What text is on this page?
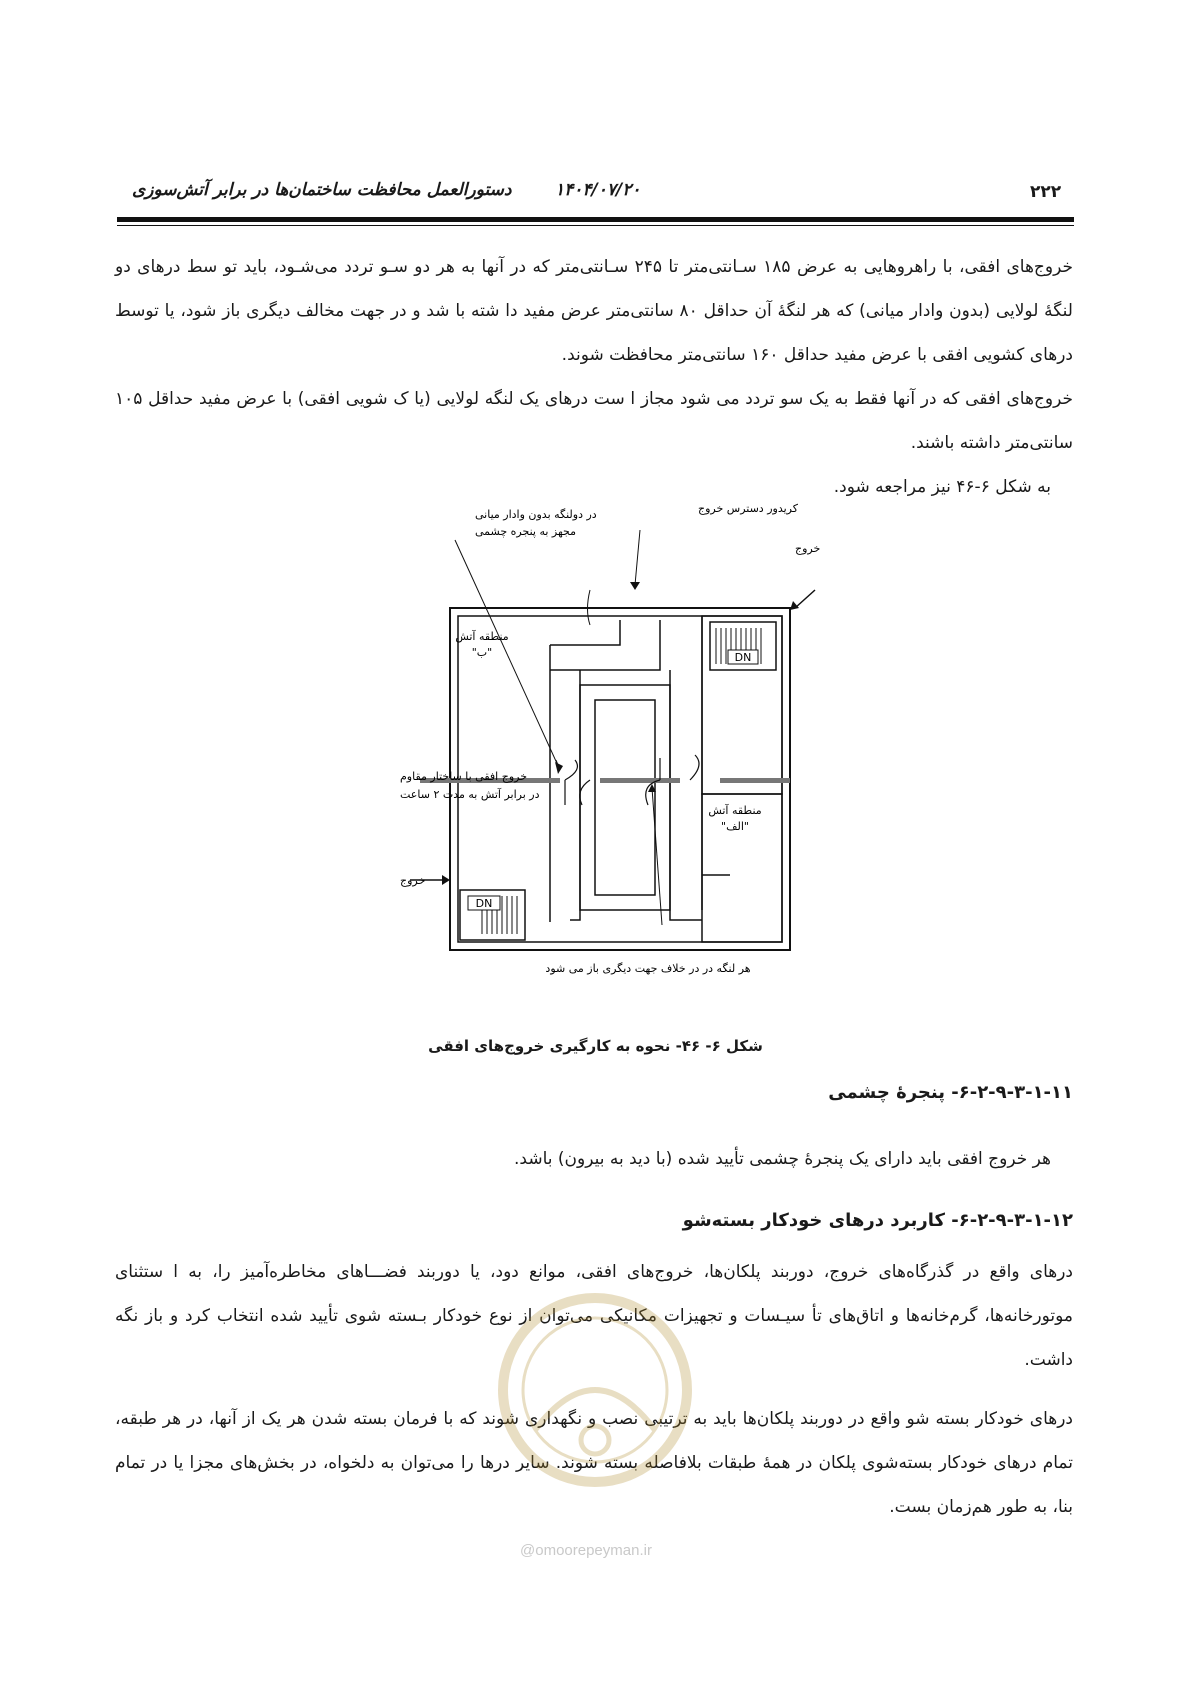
دستورالعمل محافظت ساختمان‌ها در برابر آتش‌سوزی	۱۴۰۴/۰۷/۲۰	۲۲۲

خروج‌های افقی، با راهروهایی به عرض ۱۸۵ سـانتی‌متر تا ۲۴۵ سـانتی‌متر که در آنها به هر دو سـو تردد می‌شـود، باید تو سط درهای دو لنگهٔ لولایی (بدون وادار میانی) که هر لنگهٔ آن حداقل ۸۰ سانتی‌متر عرض مفید دا شته با شد و در جهت مخالف دیگری باز شود، یا توسط درهای کشویی افقی با عرض مفید حداقل ۱۶۰ سانتی‌متر محافظت شوند.

خروج‌های افقی که در آنها فقط به یک سو تردد می شود مجاز ا ست درهای یک لنگه لولایی (یا ک شویی افقی) با عرض مفید حداقل ۱۰۵ سانتی‌متر داشته باشند.

به شکل ۶-۴۶ نیز مراجعه شود.

DN
DN
در دولنگه بدون وادار میانی
مجهز به پنجره چشمی
کریدور دسترس خروج
خروج
منطقه آتش
"ب"
خروج افقی با ساختار مقاوم
در برابر آتش به مدت ۲ ساعت
منطقه آتش
"الف"
خروج
هر لنگه در در خلاف جهت دیگری باز می شود
شکل ۶- ۴۶- نحوه به کارگیری خروج‌های افقی
۶-۲-۹-۳-۱-۱۱- پنجرهٔ چشمی

هر خروج افقی باید دارای یک پنجرهٔ چشمی تأیید شده (با دید به بیرون) باشد.

۶-۲-۹-۳-۱-۱۲- کاربرد درهای خودکار بسته‌شو

درهای واقع در گذرگاه‌های خروج، دوربند پلکان‌ها، خروج‌های افقی، موانع دود، یا دوربند فضـــاهای مخاطره‌آمیز را، به ا ستثنای موتورخانه‌ها، گرم‌خانه‌ها و اتاق‌های تأ سیـسات و تجهیزات مکانیکی می‌توان از نوع خودکار بـسته شوی تأیید شده انتخاب کرد و باز نگه داشت.

درهای خودکار بسته شو واقع در دوربند پلکان‌ها باید به ترتیبی نصب و نگهداری شوند که با فرمان بسته شدن هر یک از آنها، در هر طبقه، تمام درهای خودکار بسته‌شوی پلکان در همهٔ طبقات بلافاصله بسته شوند. سایر درها را می‌توان به دلخواه، در بخش‌های مجزا یا در تمام بنا، به طور هم‌زمان بست.

@omoorepeyman.ir
